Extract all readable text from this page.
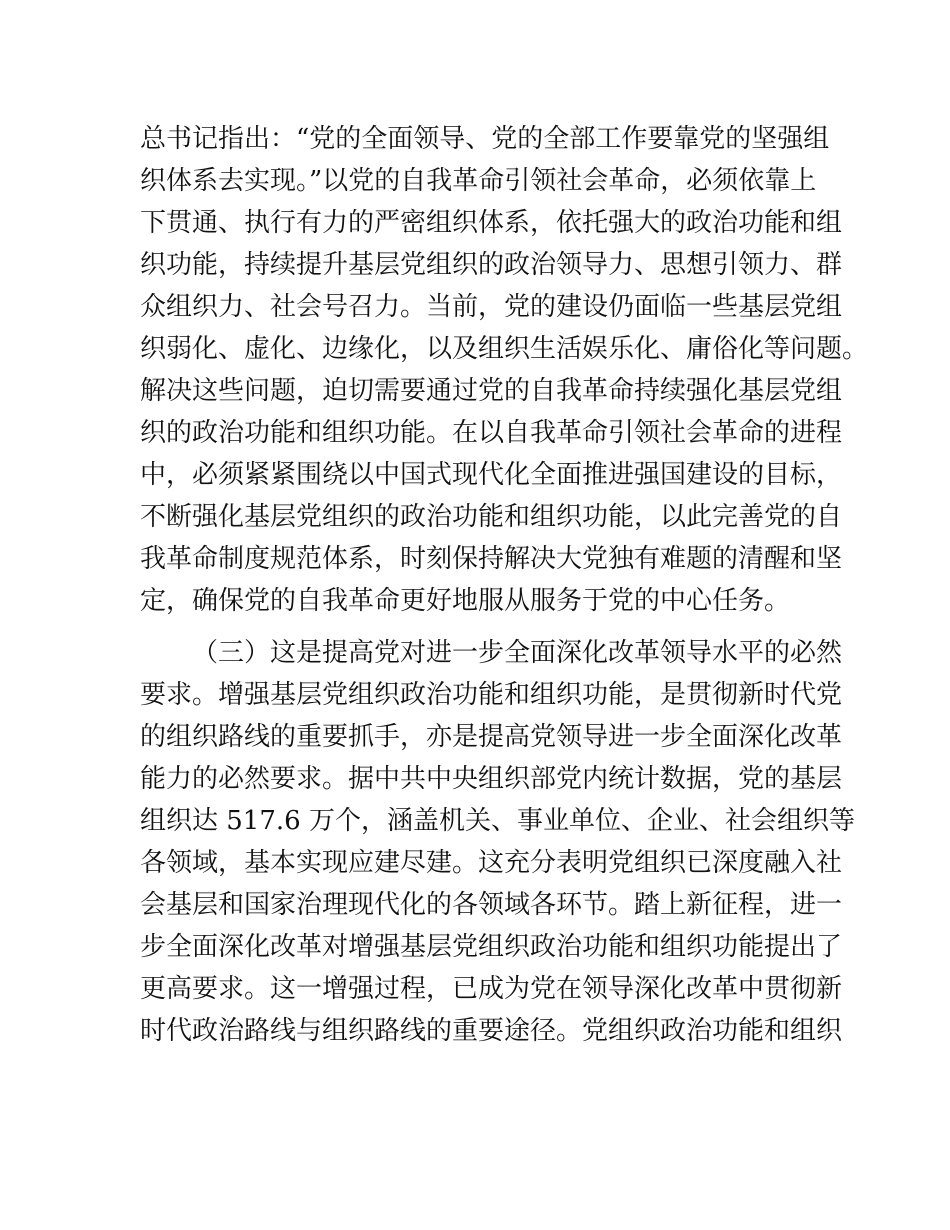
总书记指出：“党的全面领导、党的全部工作要靠党的坚强组
织体系去实现。”以党的自我革命引领社会革命，必须依靠上
下贯通、执行有力的严密组织体系，依托强大的政治功能和组
织功能，持续提升基层党组织的政治领导力、思想引领力、群
众组织力、社会号召力。当前，党的建设仍面临一些基层党组
织弱化、虚化、边缘化，以及组织生活娱乐化、庸俗化等问题。
解决这些问题，迫切需要通过党的自我革命持续强化基层党组
织的政治功能和组织功能。在以自我革命引领社会革命的进程
中，必须紧紧围绕以中国式现代化全面推进强国建设的目标，
不断强化基层党组织的政治功能和组织功能，以此完善党的自
我革命制度规范体系，时刻保持解决大党独有难题的清醒和坚
定，确保党的自我革命更好地服从服务于党的中心任务。
（三）这是提高党对进一步全面深化改革领导水平的必然
要求。增强基层党组织政治功能和组织功能，是贯彻新时代党
的组织路线的重要抓手，亦是提高党领导进一步全面深化改革
能力的必然要求。据中共中央组织部党内统计数据，党的基层
组织达 517.6 万个，涵盖机关、事业单位、企业、社会组织等
各领域，基本实现应建尽建。这充分表明党组织已深度融入社
会基层和国家治理现代化的各领域各环节。踏上新征程，进一
步全面深化改革对增强基层党组织政治功能和组织功能提出了
更高要求。这一增强过程，已成为党在领导深化改革中贯彻新
时代政治路线与组织路线的重要途径。党组织政治功能和组织
